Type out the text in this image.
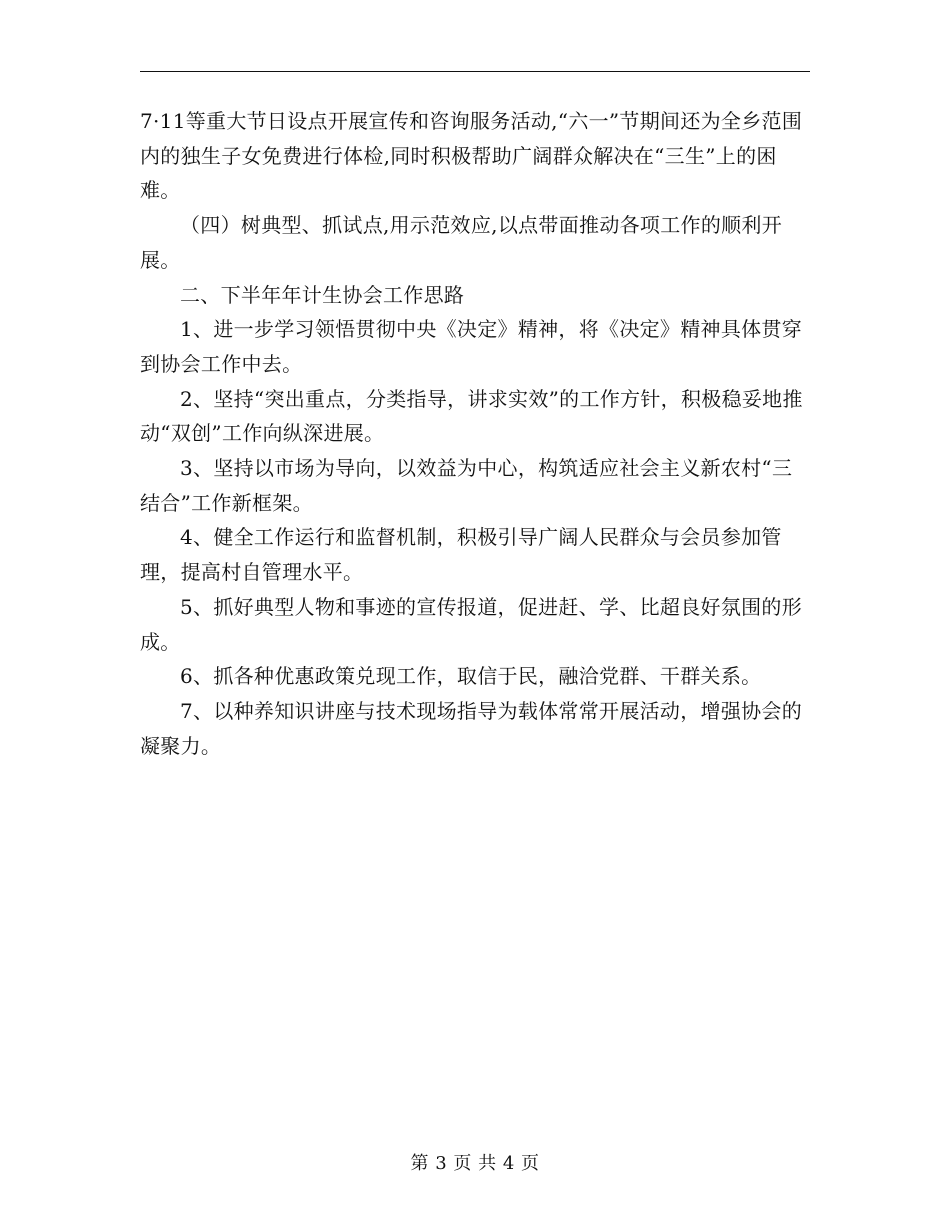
7·11等重大节日设点开展宣传和咨询服务活动,“六一”节期间还为全乡范围内的独生子女免费进行体检,同时积极帮助广阔群众解决在“三生”上的困难。

（四）树典型、抓试点,用示范效应,以点带面推动各项工作的顺利开展。

二、下半年年计生协会工作思路

1、进一步学习领悟贯彻中央《决定》精神，将《决定》精神具体贯穿到协会工作中去。

2、坚持“突出重点，分类指导，讲求实效”的工作方针，积极稳妥地推动“双创”工作向纵深进展。

3、坚持以市场为导向，以效益为中心，构筑适应社会主义新农村“三结合”工作新框架。

4、健全工作运行和监督机制，积极引导广阔人民群众与会员参加管理，提高村自管理水平。

5、抓好典型人物和事迹的宣传报道，促进赶、学、比超良好氛围的形成。

6、抓各种优惠政策兑现工作，取信于民，融洽党群、干群关系。

7、以种养知识讲座与技术现场指导为载体常常开展活动，增强协会的凝聚力。

第 3 页 共 4 页
